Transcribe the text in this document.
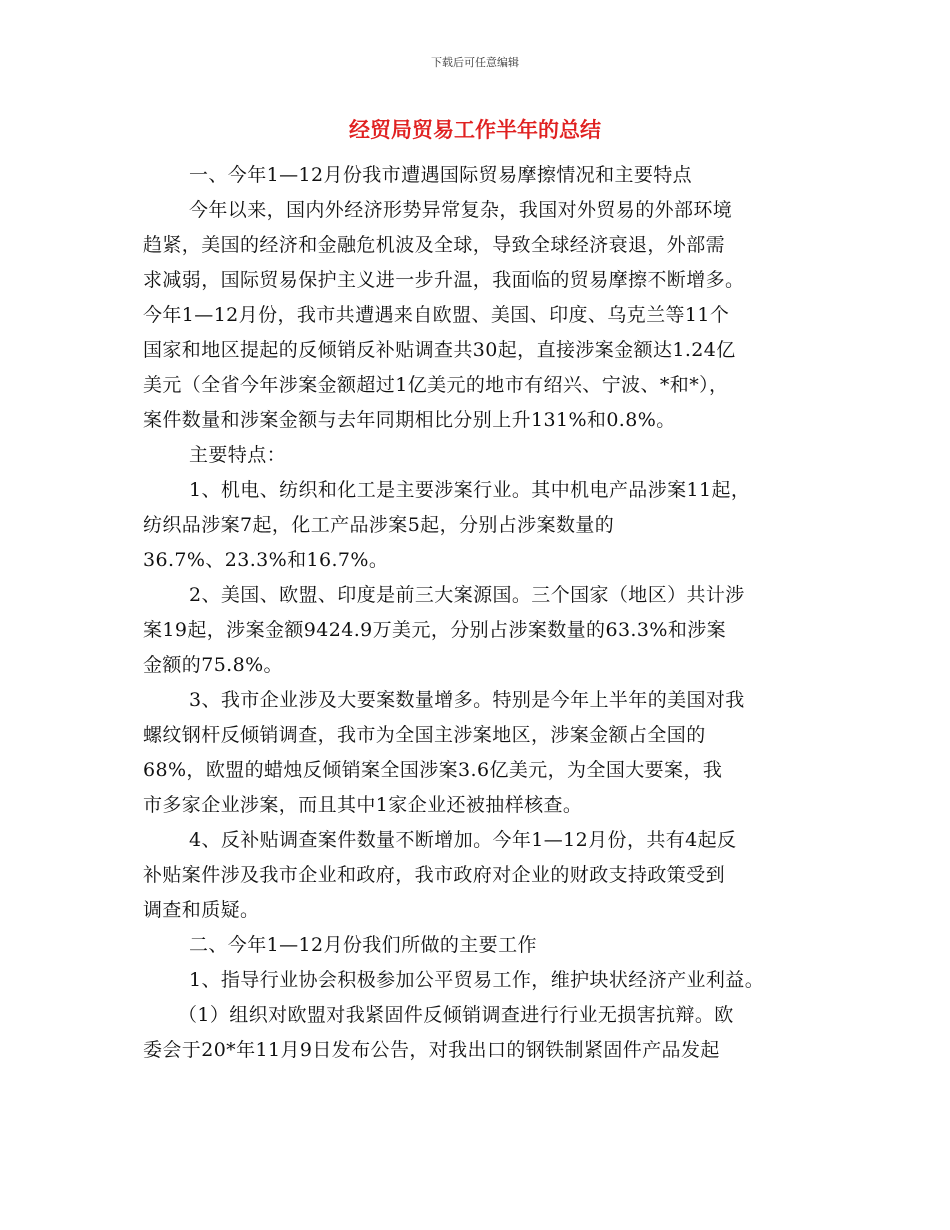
下载后可任意编辑
经贸局贸易工作半年的总结
一、今年1—12月份我市遭遇国际贸易摩擦情况和主要特点
今年以来，国内外经济形势异常复杂，我国对外贸易的外部环境
趋紧，美国的经济和金融危机波及全球，导致全球经济衰退，外部需
求减弱，国际贸易保护主义进一步升温，我面临的贸易摩擦不断增多。
今年1—12月份，我市共遭遇来自欧盟、美国、印度、乌克兰等11个
国家和地区提起的反倾销反补贴调查共30起，直接涉案金额达1.24亿
美元（全省今年涉案金额超过1亿美元的地市有绍兴、宁波、*和*），
案件数量和涉案金额与去年同期相比分别上升131%和0.8%。
主要特点：
1、机电、纺织和化工是主要涉案行业。其中机电产品涉案11起，
纺织品涉案7起，化工产品涉案5起，分别占涉案数量的
36.7%、23.3%和16.7%。
2、美国、欧盟、印度是前三大案源国。三个国家（地区）共计涉
案19起，涉案金额9424.9万美元，分别占涉案数量的63.3%和涉案
金额的75.8%。
3、我市企业涉及大要案数量增多。特别是今年上半年的美国对我
螺纹钢杆反倾销调查，我市为全国主涉案地区，涉案金额占全国的
68%，欧盟的蜡烛反倾销案全国涉案3.6亿美元，为全国大要案，我
市多家企业涉案，而且其中1家企业还被抽样核查。
4、反补贴调查案件数量不断增加。今年1—12月份，共有4起反
补贴案件涉及我市企业和政府，我市政府对企业的财政支持政策受到
调查和质疑。
二、今年1—12月份我们所做的主要工作
1、指导行业协会积极参加公平贸易工作，维护块状经济产业利益。
（1）组织对欧盟对我紧固件反倾销调查进行行业无损害抗辩。欧
委会于20*年11月9日发布公告，对我出口的钢铁制紧固件产品发起
